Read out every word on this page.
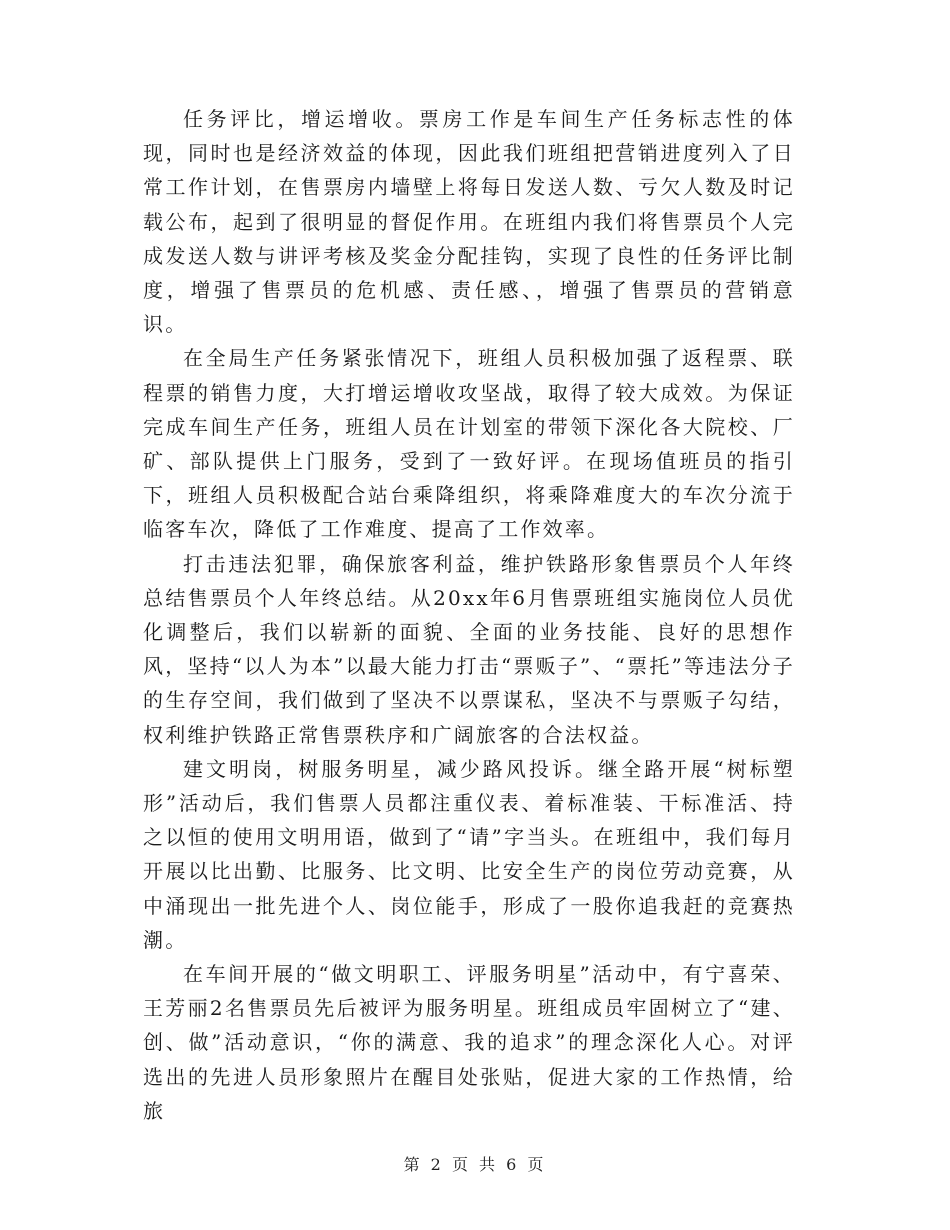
任务评比，增运增收。票房工作是车间生产任务标志性的体现，同时也是经济效益的体现，因此我们班组把营销进度列入了日常工作计划，在售票房内墙壁上将每日发送人数、亏欠人数及时记载公布，起到了很明显的督促作用。在班组内我们将售票员个人完成发送人数与讲评考核及奖金分配挂钩，实现了良性的任务评比制度，增强了售票员的危机感、责任感、，增强了售票员的营销意识。

在全局生产任务紧张情况下，班组人员积极加强了返程票、联程票的销售力度，大打增运增收攻坚战，取得了较大成效。为保证完成车间生产任务，班组人员在计划室的带领下深化各大院校、厂矿、部队提供上门服务，受到了一致好评。在现场值班员的指引下，班组人员积极配合站台乘降组织，将乘降难度大的车次分流于临客车次，降低了工作难度、提高了工作效率。

打击违法犯罪，确保旅客利益，维护铁路形象售票员个人年终总结售票员个人年终总结。从20xx年6月售票班组实施岗位人员优化调整后，我们以崭新的面貌、全面的业务技能、良好的思想作风，坚持“以人为本”以最大能力打击“票贩子”、“票托”等违法分子的生存空间，我们做到了坚决不以票谋私，坚决不与票贩子勾结，权利维护铁路正常售票秩序和广阔旅客的合法权益。

建文明岗，树服务明星，减少路风投诉。继全路开展“树标塑形”活动后，我们售票人员都注重仪表、着标准装、干标准活、持之以恒的使用文明用语，做到了“请”字当头。在班组中，我们每月开展以比出勤、比服务、比文明、比安全生产的岗位劳动竞赛，从中涌现出一批先进个人、岗位能手，形成了一股你追我赶的竞赛热潮。

在车间开展的“做文明职工、评服务明星”活动中，有宁喜荣、王芳丽2名售票员先后被评为服务明星。班组成员牢固树立了“建、创、做”活动意识，“你的满意、我的追求”的理念深化人心。对评选出的先进人员形象照片在醒目处张贴，促进大家的工作热情，给旅

第 2 页 共 6 页
